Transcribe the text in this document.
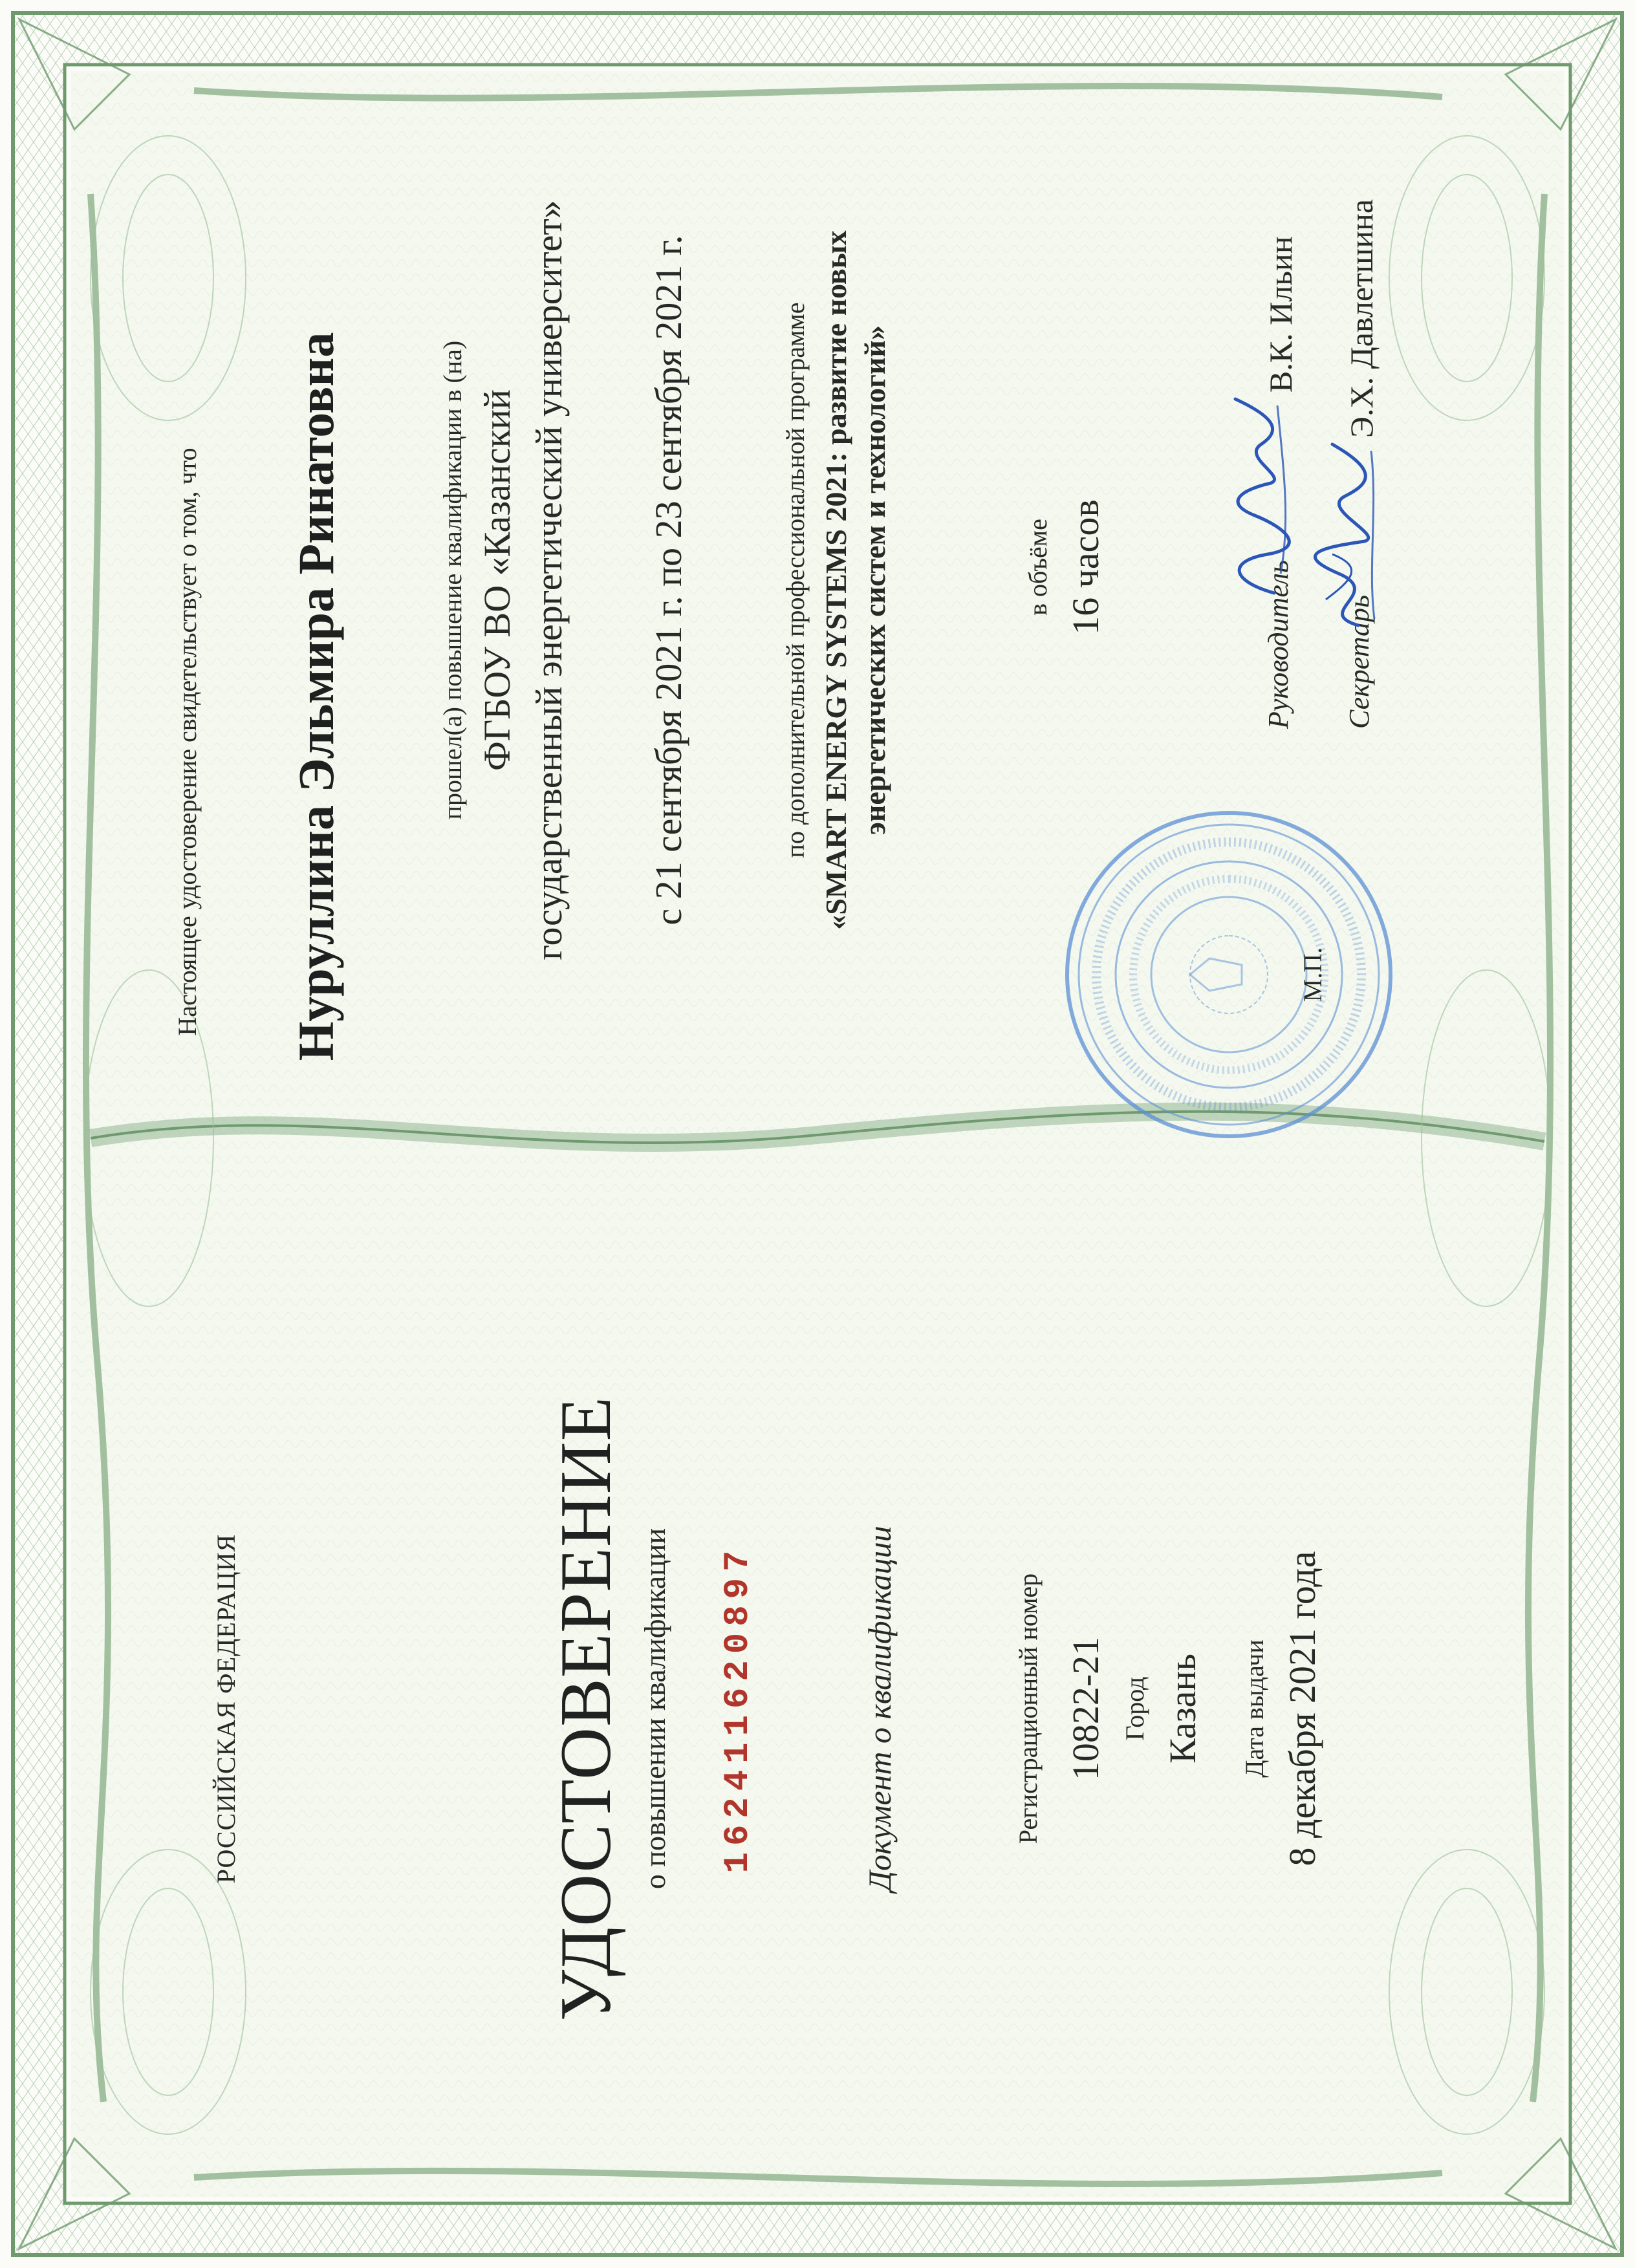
РОССИЙСКАЯ ФЕДЕРАЦИЯ	УДОСТОВЕРЕНИЕ о повышении квалификации 162411620897	Документ о квалификации	Регистрационный номер 10822-21 Город Казань Дата выдачи 8 декабря 2021 года
Настоящее удостоверение свидетельствует о том, что Нуруллина Эльмира Ринатовна	прошел(а) повышение квалификации в (на) ФГБОУ ВО «Казанский государственный энергетический университет» с 21 сентября 2021 г. по 23 сентября 2021 г.	по дополнительной профессиональной программе «SMART ENERGY SYSTEMS 2021: развитие новых энергетических систем и технологий»	в объёме 16 часов
М.П.
Руководитель
В.К. Ильин
Секретарь
Э.Х. Давлетшина
